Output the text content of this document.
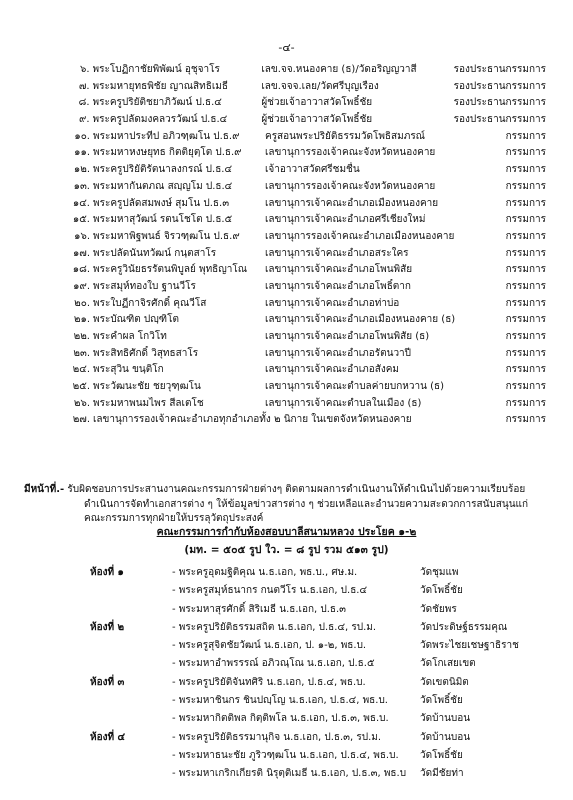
-๔-
๖. พระโบฏิกาชัยพิพัฒน์ อุชุจาโร	เลข.จจ.หนองคาย (ธ)/วัดอริญญวาสี	รองประธานกรรมการ
๗. พระมหายุทธพิชัย ญาณสิทธิเมธี	เลข.จจจ.เลย/วัดศรีบุญเรือง	รองประธานกรรมการ
๘. พระครูปริยัติชยาภิวัฒน์ ป.ธ.๔	ผู้ช่วยเจ้าอาวาสวัดโพธิ์ชัย	รองประธานกรรมการ
๙. พระครูปลัดมงคลวรวัฒน์ ป.ธ.๔	ผู้ช่วยเจ้าอาวาสวัดโพธิ์ชัย	รองประธานกรรมการ
๑๐. พระมหาประทีป อภิวฑฺฒโน ป.ธ.๙	ครูสอนพระปริยัติธรรมวัดโพธิสมภรณ์	กรรมการ
๑๑. พระมหาหงษยุทธ กิตติยุตฺโต ป.ธ.๙	เลขานุการรองเจ้าคณะจังหวัดหนองคาย	กรรมการ
๑๒. พระครูปริยัติรัตนาลงกรณ์ ป.ธ.๔	เจ้าอาวาสวัดศรีชมชื่น	กรรมการ
๑๓. พระมหากันตภณ สญฺญโม ป.ธ.๔	เลขานุการรองเจ้าคณะจังหวัดหนองคาย	กรรมการ
๑๔. พระครูปลัดสมพงษ์ สุมโน ป.ธ.๓	เลขานุการเจ้าคณะอำเภอเมืองหนองคาย	กรรมการ
๑๕. พระมหาสุวัฒน์ รตนโชโต ป.ธ.๕	เลขานุการเจ้าคณะอำเภอศรีเชียงใหม่	กรรมการ
๑๖. พระมหาพิฐพนธ์ จิรวฑฺฒโน ป.ธ.๙	เลขานุการรองเจ้าคณะอำเภอเมืองหนองคาย	กรรมการ
๑๗. พระปลัดนันทวัฒน์ กนฺตสาโร	เลขานุการเจ้าคณะอำเภอสระใคร	กรรมการ
๑๘. พระครูวินัยธรรัตนพิบูลย์ พุทธิญาโณ	เลขานุการเจ้าคณะอำเภอโพนพิสัย	กรรมการ
๑๙. พระสมุห์ทองใบ ฐานวีโร	เลขานุการเจ้าคณะอำเภอโพธิ์ตาก	กรรมการ
๒๐. พระใบฏีกาจิรศักดิ์ คุณวีโส	เลขานุการเจ้าคณะอำเภอท่าบ่อ	กรรมการ
๒๑. พระบัณฑิต ปญฺฑิโต	เลขานุการเจ้าคณะอำเภอเมืองหนองคาย (ธ)	กรรมการ
๒๒. พระคำผล โกวิโท	เลขานุการเจ้าคณะอำเภอโพนพิสัย (ธ)	กรรมการ
๒๓. พระสิทธิศักดิ์ วิสุทธสาโร	เลขานุการเจ้าคณะอำเภอรัตนวาปี	กรรมการ
๒๔. พระสุวิน ขนฺติโก	เลขานุการเจ้าคณะอำเภอสังคม	กรรมการ
๒๕. พระวัฒนะชัย ชยวุฑฺฒโน	เลขานุการเจ้าคณะตำบลค่ายบกหวาน (ธ)	กรรมการ
๒๖. พระมหาพนมไพร สีลเตโช	เลขานุการเจ้าคณะตำบลในเมือง (ธ)	กรรมการ
๒๗. เลขานุการรองเจ้าคณะอำเภอทุกอำเภอทั้ง ๒ นิกาย ในเขตจังหวัดหนองคาย	กรรมการ
มีหน้าที่.- รับผิดชอบการประสานงานคณะกรรมการฝ่ายต่างๆ ติดตามผลการดำเนินงานให้ดำเนินไปด้วยความเรียบร้อย
ดำเนินการจัดทำเอกสารต่าง ๆ ให้ข้อมูลข่าวสารต่าง ๆ ช่วยเหลือและอำนวยความสะดวกการสนับสนุนแก่
คณะกรรมการทุกฝ่ายให้บรรลุวัตถุประสงค์
คณะกรรมการกำกับห้องสอบบาลีสนามหลวง ประโยค ๑-๒
(มท. = ๕๐๕ รูป ใว. = ๘ รูป รวม ๕๑๓ รูป)
ห้องที่ ๑	- พระครูอุดมฐิติคุณ น.ธ.เอก, พธ.บ., ศษ.ม.	วัดชุมแพ
- พระครูสมุห์ธนากร กนตวีโร น.ธ.เอก, ป.ธ.๔	วัดโพธิ์ชัย
- พระมหาสุรศักดิ์ สิริเมธี น.ธ.เอก, ป.ธ.๓	วัดชัยพร
ห้องที่ ๒	- พระครูปริยัติธรรมสถิต น.ธ.เอก, ป.ธ.๔, รป.ม.	วัดประดิษฐ์ธรรมคุณ
- พระครูสุจิตชัยวัฒน์ น.ธ.เอก, ป. ๑-๒, พธ.บ.	วัดพระไชยเชษฐาธิราช
- พระมหาอำพรรรณ์ อภิวณฺโณ น.ธ.เอก, ป.ธ.๕	วัดโกเสยเขต
ห้องที่ ๓	- พระครูปริยัติจันทศิริ น.ธ.เอก, ป.ธ.๔, พธ.บ.	วัดเขตนิมิต
- พระมหาชินกร ชินปญฺโญ น.ธ.เอก, ป.ธ.๔, พธ.บ.	วัดโพธิ์ชัย
- พระมหากิตติพล กิตฺติพโล น.ธ.เอก, ป.ธ.๓, พธ.บ.	วัดบ้านบอน
ห้องที่ ๔	- พระครูปริยัติธรรมานุกิจ น.ธ.เอก, ป.ธ.๓, รป.ม.	วัดบ้านบอน
- พระมหาธนะชัย ภูริวฑฺฒโน น.ธ.เอก, ป.ธ.๔, พธ.บ.	วัดโพธิ์ชัย
- พระมหาเกริกเกียรติ นิรุตฺติเมธี น.ธ.เอก, ป.ธ.๓, พธ.บ	วัดมีชัยท่า
